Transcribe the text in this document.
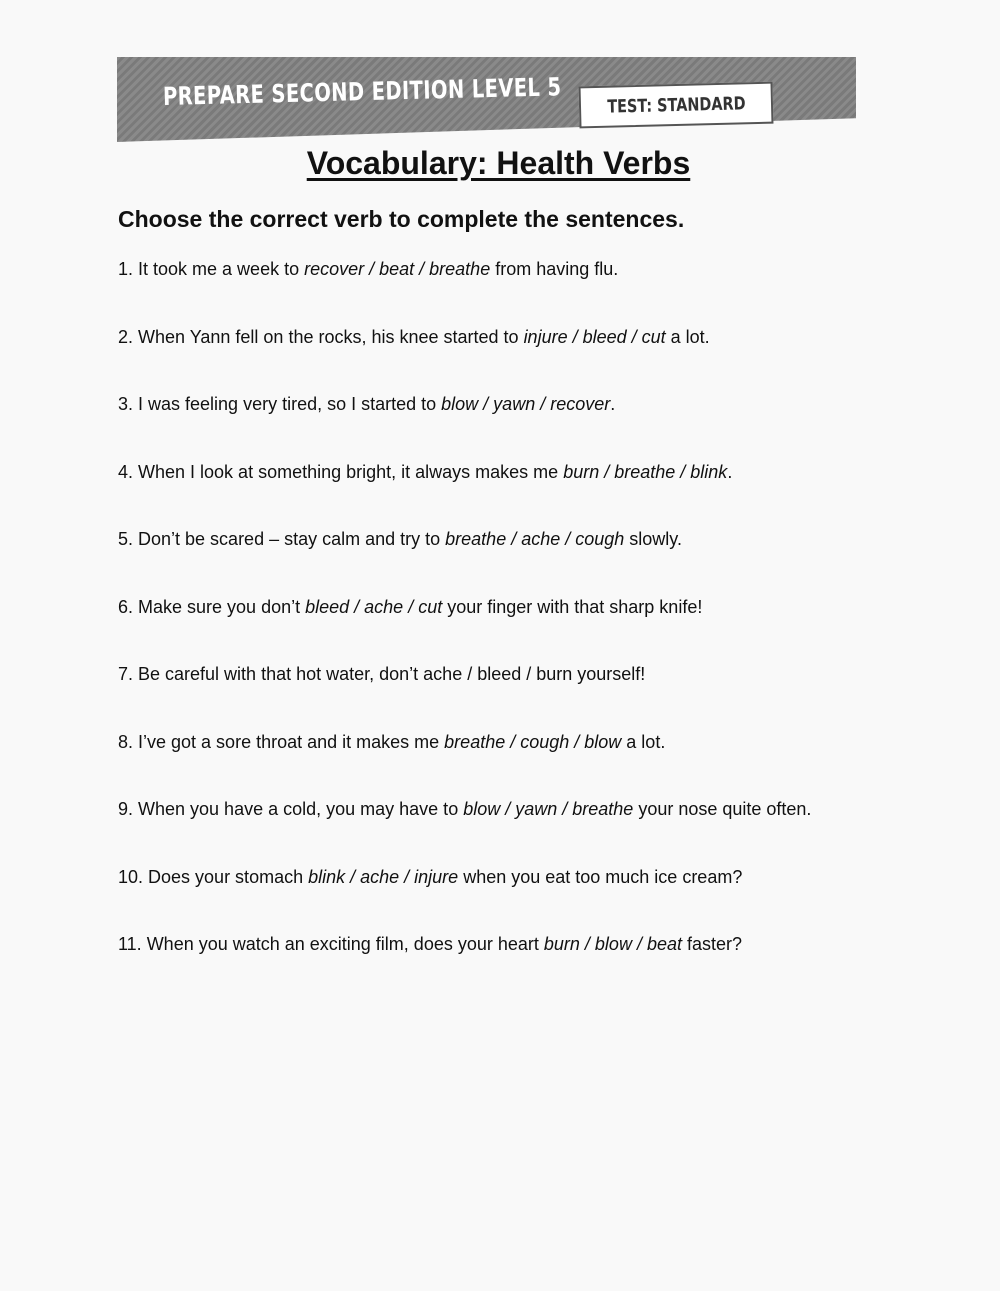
PREPARE SECOND EDITION LEVEL 5 TEST: STANDARD
Vocabulary: Health Verbs
Choose the correct verb to complete the sentences.
1. It took me a week to recover / beat / breathe from having flu.
2. When Yann fell on the rocks, his knee started to injure / bleed / cut a lot.
3. I was feeling very tired, so I started to blow / yawn / recover.
4. When I look at something bright, it always makes me burn / breathe / blink.
5. Don’t be scared – stay calm and try to breathe / ache / cough slowly.
6. Make sure you don’t bleed / ache / cut your finger with that sharp knife!
7. Be careful with that hot water, don’t ache / bleed / burn yourself!
8. I’ve got a sore throat and it makes me breathe / cough / blow a lot.
9. When you have a cold, you may have to blow / yawn / breathe your nose quite often.
10. Does your stomach blink / ache / injure when you eat too much ice cream?
11. When you watch an exciting film, does your heart burn / blow / beat faster?
